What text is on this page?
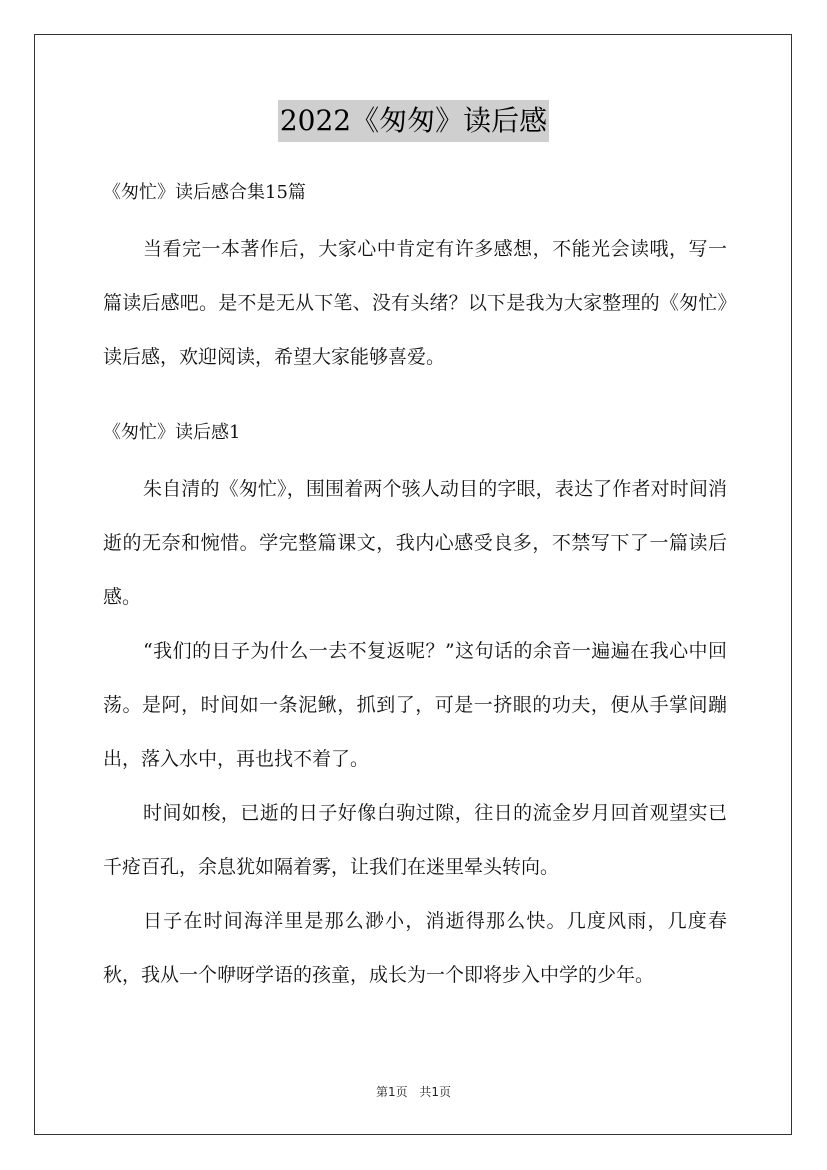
2022《匆匆》读后感

《匆忙》读后感合集15篇

当看完一本著作后，大家心中肯定有许多感想，不能光会读哦，写一篇读后感吧。是不是无从下笔、没有头绪？以下是我为大家整理的《匆忙》读后感，欢迎阅读，希望大家能够喜爱。

《匆忙》读后感1

朱自清的《匆忙》，围围着两个骇人动目的字眼，表达了作者对时间消逝的无奈和惋惜。学完整篇课文，我内心感受良多，不禁写下了一篇读后感。

“我们的日子为什么一去不复返呢？”这句话的余音一遍遍在我心中回荡。是阿，时间如一条泥鳅，抓到了，可是一挤眼的功夫，便从手掌间蹦出，落入水中，再也找不着了。

时间如梭，已逝的日子好像白驹过隙，往日的流金岁月回首观望实已千疮百孔，余息犹如隔着雾，让我们在迷里晕头转向。

日子在时间海洋里是那么渺小，消逝得那么快。几度风雨，几度春秋，我从一个咿呀学语的孩童，成长为一个即将步入中学的少年。

第1页 共1页
